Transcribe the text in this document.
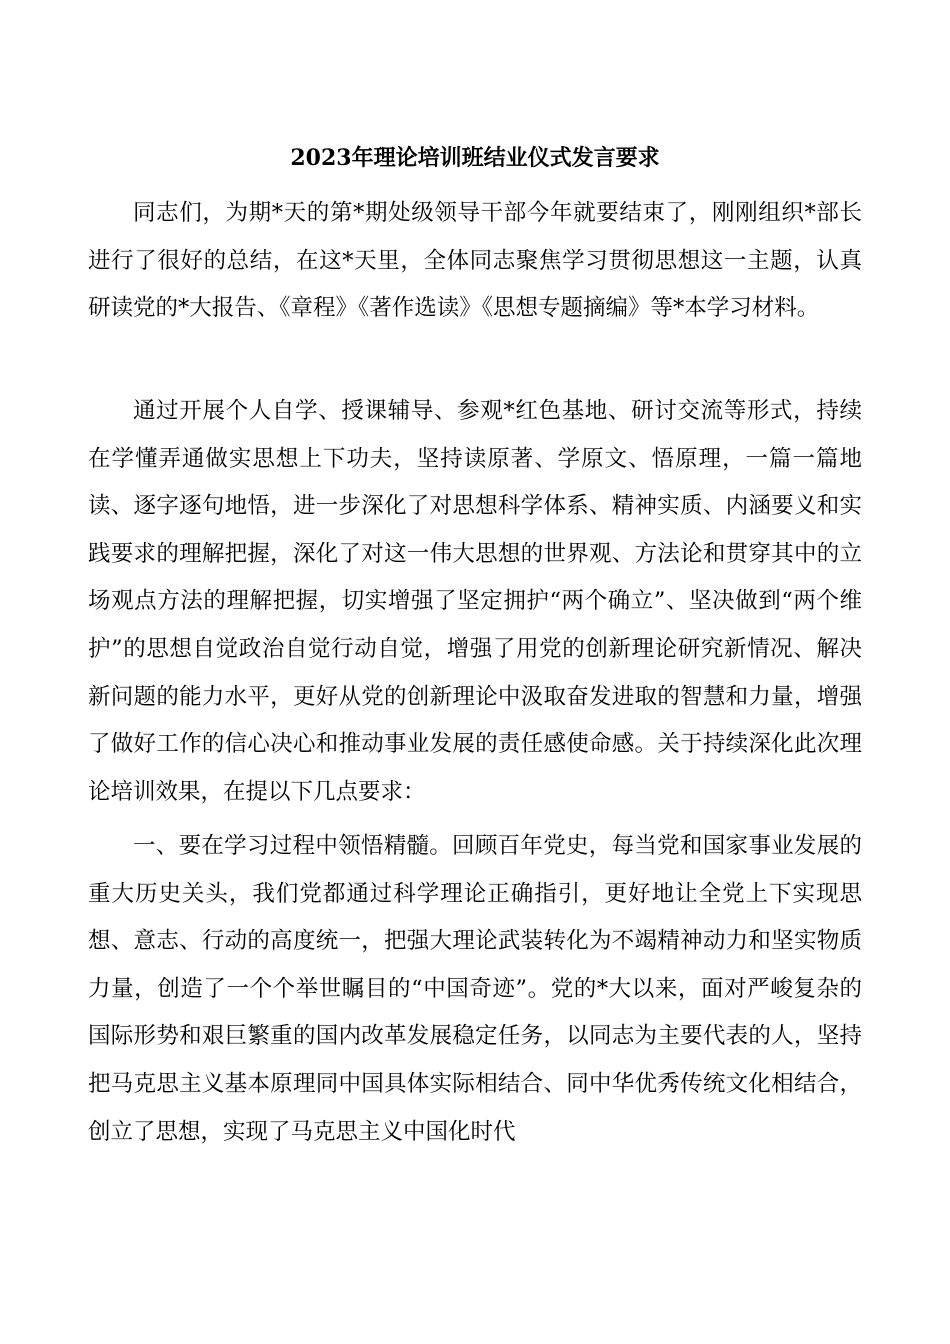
2023年理论培训班结业仪式发言要求

同志们，为期*天的第*期处级领导干部今年就要结束了，刚刚组织*部长进行了很好的总结，在这*天里，全体同志聚焦学习贯彻思想这一主题，认真研读党的*大报告、《章程》《著作选读》《思想专题摘编》等*本学习材料。

通过开展个人自学、授课辅导、参观*红色基地、研讨交流等形式，持续在学懂弄通做实思想上下功夫，坚持读原著、学原文、悟原理，一篇一篇地读、逐字逐句地悟，进一步深化了对思想科学体系、精神实质、内涵要义和实践要求的理解把握，深化了对这一伟大思想的世界观、方法论和贯穿其中的立场观点方法的理解把握，切实增强了坚定拥护“两个确立”、坚决做到“两个维护”的思想自觉政治自觉行动自觉，增强了用党的创新理论研究新情况、解决新问题的能力水平，更好从党的创新理论中汲取奋发进取的智慧和力量，增强了做好工作的信心决心和推动事业发展的责任感使命感。关于持续深化此次理论培训效果，在提以下几点要求：

一、要在学习过程中领悟精髓。回顾百年党史，每当党和国家事业发展的重大历史关头，我们党都通过科学理论正确指引，更好地让全党上下实现思想、意志、行动的高度统一，把强大理论武装转化为不竭精神动力和坚实物质力量，创造了一个个举世瞩目的“中国奇迹”。党的*大以来，面对严峻复杂的国际形势和艰巨繁重的国内改革发展稳定任务，以同志为主要代表的人，坚持把马克思主义基本原理同中国具体实际相结合、同中华优秀传统文化相结合，创立了思想，实现了马克思主义中国化时代
